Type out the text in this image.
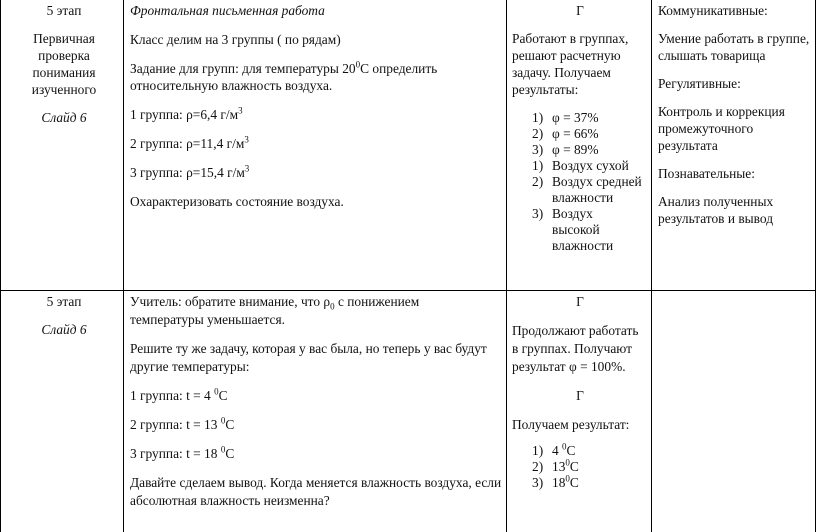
5 этап

Первичная

проверка

понимания

изученного

Слайд 6

Фронтальная письменная работа

Класс делим на 3 группы ( по рядам)

Задание для групп: для температуры $20^0С$ определить

относительную влажность воздуха.

1 группа: ρ=6,4 $г/м^3$

2 группа: ρ=11,4 $г/м^3$

3 группа: ρ=15,4 $г/м^3$

Охарактеризовать состояние воздуха.

Г

Работают в группах,

решают расчетную

задачу. Получаем

результаты:

1) φ = 37%
2) φ = 66%
3) φ = 89%
1) Воздух сухой
2) Воздух средней влажности
3) Воздух высокой влажности

Коммуникативные:

Умение работать в группе, слышать товарища

Регулятивные:

Контроль и коррекция промежуточного результата

Познавательные:

Анализ полученных результатов и вывод

5 этап

Слайд 6

Учитель: обратите внимание, что $\rho_0$ с понижением

температуры уменьшается.

Решите ту же задачу, которая у вас была, но теперь у вас будут другие температуры:

1 группа: t = 4 $^0$С

2 группа: t = 13 $^0$С

3 группа: t = 18 $^0$С

Давайте сделаем вывод. Когда меняется влажность воздуха, если абсолютная влажность неизменна?

Г

Продолжают работать в группах. Получают результат φ = 100%.

Г

Получаем результат:

1) 4 $^0$С
2) $13^0С$
3) $18^0С$
